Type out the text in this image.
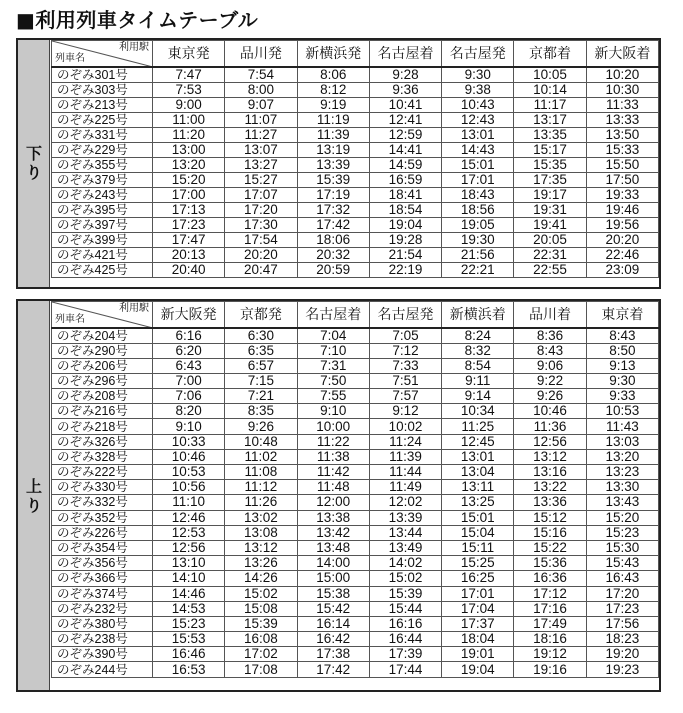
■利用列車タイムテーブル
下
り
利用駅
列車名	東京発	品川発	新横浜発	名古屋着	名古屋発	京都着	新大阪着
のぞみ301号	7:47	7:54	8:06	9:28	9:30	10:05	10:20
のぞみ303号	7:53	8:00	8:12	9:36	9:38	10:14	10:30
のぞみ213号	9:00	9:07	9:19	10:41	10:43	11:17	11:33
のぞみ225号	11:00	11:07	11:19	12:41	12:43	13:17	13:33
のぞみ331号	11:20	11:27	11:39	12:59	13:01	13:35	13:50
のぞみ229号	13:00	13:07	13:19	14:41	14:43	15:17	15:33
のぞみ355号	13:20	13:27	13:39	14:59	15:01	15:35	15:50
のぞみ379号	15:20	15:27	15:39	16:59	17:01	17:35	17:50
のぞみ243号	17:00	17:07	17:19	18:41	18:43	19:17	19:33
のぞみ395号	17:13	17:20	17:32	18:54	18:56	19:31	19:46
のぞみ397号	17:23	17:30	17:42	19:04	19:05	19:41	19:56
のぞみ399号	17:47	17:54	18:06	19:28	19:30	20:05	20:20
のぞみ421号	20:13	20:20	20:32	21:54	21:56	22:31	22:46
のぞみ425号	20:40	20:47	20:59	22:19	22:21	22:55	23:09
上
り
利用駅
列車名	新大阪発	京都発	名古屋着	名古屋発	新横浜着	品川着	東京着
のぞみ204号	6:16	6:30	7:04	7:05	8:24	8:36	8:43
のぞみ290号	6:20	6:35	7:10	7:12	8:32	8:43	8:50
のぞみ206号	6:43	6:57	7:31	7:33	8:54	9:06	9:13
のぞみ296号	7:00	7:15	7:50	7:51	9:11	9:22	9:30
のぞみ208号	7:06	7:21	7:55	7:57	9:14	9:26	9:33
のぞみ216号	8:20	8:35	9:10	9:12	10:34	10:46	10:53
のぞみ218号	9:10	9:26	10:00	10:02	11:25	11:36	11:43
のぞみ326号	10:33	10:48	11:22	11:24	12:45	12:56	13:03
のぞみ328号	10:46	11:02	11:38	11:39	13:01	13:12	13:20
のぞみ222号	10:53	11:08	11:42	11:44	13:04	13:16	13:23
のぞみ330号	10:56	11:12	11:48	11:49	13:11	13:22	13:30
のぞみ332号	11:10	11:26	12:00	12:02	13:25	13:36	13:43
のぞみ352号	12:46	13:02	13:38	13:39	15:01	15:12	15:20
のぞみ226号	12:53	13:08	13:42	13:44	15:04	15:16	15:23
のぞみ354号	12:56	13:12	13:48	13:49	15:11	15:22	15:30
のぞみ356号	13:10	13:26	14:00	14:02	15:25	15:36	15:43
のぞみ366号	14:10	14:26	15:00	15:02	16:25	16:36	16:43
のぞみ374号	14:46	15:02	15:38	15:39	17:01	17:12	17:20
のぞみ232号	14:53	15:08	15:42	15:44	17:04	17:16	17:23
のぞみ380号	15:23	15:39	16:14	16:16	17:37	17:49	17:56
のぞみ238号	15:53	16:08	16:42	16:44	18:04	18:16	18:23
のぞみ390号	16:46	17:02	17:38	17:39	19:01	19:12	19:20
のぞみ244号	16:53	17:08	17:42	17:44	19:04	19:16	19:23
